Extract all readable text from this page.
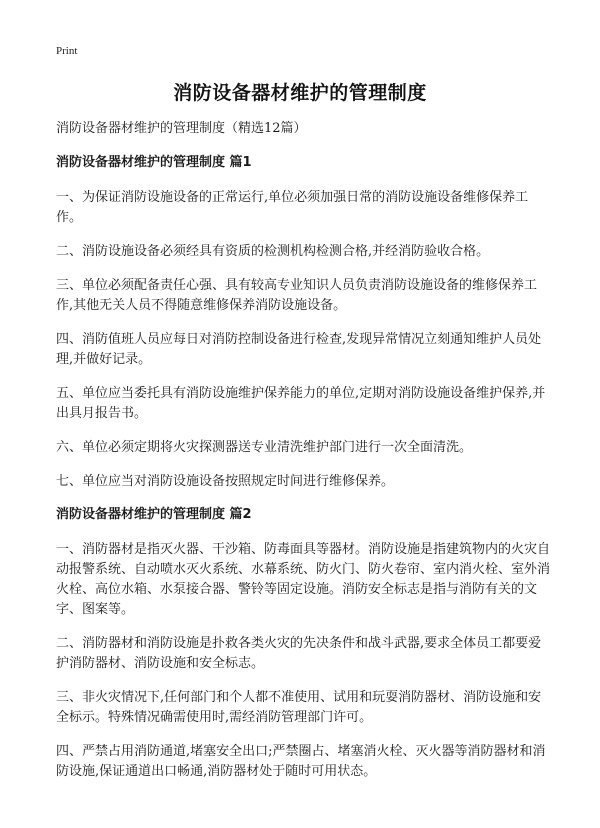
Print
消防设备器材维护的管理制度
消防设备器材维护的管理制度（精选12篇）
消防设备器材维护的管理制度 篇1

一、为保证消防设施设备的正常运行,单位必须加强日常的消防设施设备维修保养工作。

二、消防设施设备必须经具有资质的检测机构检测合格,并经消防验收合格。

三、单位必须配备责任心强、具有较高专业知识人员负责消防设施设备的维修保养工作,其他无关人员不得随意维修保养消防设施设备。

四、消防值班人员应每日对消防控制设备进行检查,发现异常情况立刻通知维护人员处理,并做好记录。

五、单位应当委托具有消防设施维护保养能力的单位,定期对消防设施设备维护保养,并出具月报告书。

六、单位必须定期将火灾探测器送专业清洗维护部门进行一次全面清洗。

七、单位应当对消防设施设备按照规定时间进行维修保养。

消防设备器材维护的管理制度 篇2

一、消防器材是指灭火器、干沙箱、防毒面具等器材。消防设施是指建筑物内的火灾自动报警系统、自动喷水灭火系统、水幕系统、防火门、防火卷帘、室内消火栓、室外消火栓、高位水箱、水泵接合器、警铃等固定设施。消防安全标志是指与消防有关的文字、图案等。

二、消防器材和消防设施是扑救各类火灾的先决条件和战斗武器,要求全体员工都要爱护消防器材、消防设施和安全标志。

三、非火灾情况下,任何部门和个人都不准使用、试用和玩耍消防器材、消防设施和安全标示。特殊情况确需使用时,需经消防管理部门许可。

四、严禁占用消防通道,堵塞安全出口;严禁圈占、堵塞消火栓、灭火器等消防器材和消防设施,保证通道出口畅通,消防器材处于随时可用状态。
